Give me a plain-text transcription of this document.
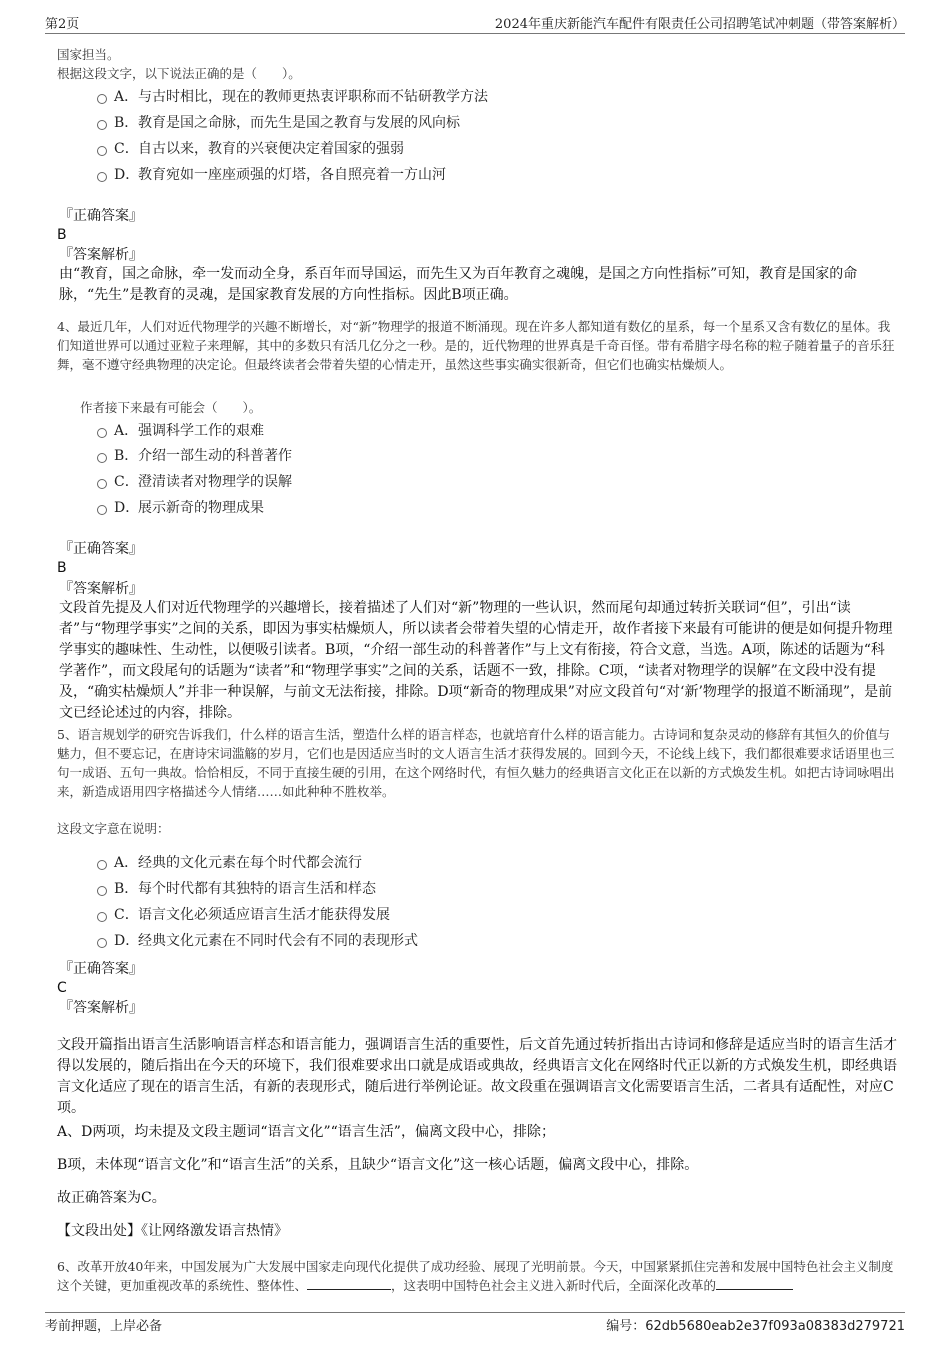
第2页	2024年重庆新能汽车配件有限责任公司招聘笔试冲刺题（带答案解析）

国家担当。

根据这段文字，以下说法正确的是（　　）。

A．与古时相比，现在的教师更热衷评职称而不钻研教学方法
B．教育是国之命脉，而先生是国之教育与发展的风向标
C．自古以来，教育的兴衰便决定着国家的强弱
D．教育宛如一座座顽强的灯塔，各自照亮着一方山河
『正确答案』
B
『答案解析』

由“教育，国之命脉，牵一发而动全身，系百年而导国运，而先生又为百年教育之魂魄，是国之方向性指标”可知，教育是国家的命脉，“先生”是教育的灵魂，是国家教育发展的方向性指标。因此B项正确。

4、最近几年，人们对近代物理学的兴趣不断增长，对“新”物理学的报道不断涌现。现在许多人都知道有数亿的星系，每一个星系又含有数亿的星体。我们知道世界可以通过亚粒子来理解，其中的多数只有活几亿分之一秒。是的，近代物理的世界真是千奇百怪。带有希腊字母名称的粒子随着量子的音乐狂舞，毫不遵守经典物理的决定论。但最终读者会带着失望的心情走开，虽然这些事实确实很新奇，但它们也确实枯燥烦人。

作者接下来最有可能会（　　）。

A．强调科学工作的艰难
B．介绍一部生动的科普著作
C．澄清读者对物理学的误解
D．展示新奇的物理成果
『正确答案』
B
『答案解析』

文段首先提及人们对近代物理学的兴趣增长，接着描述了人们对“新”物理的一些认识，然而尾句却通过转折关联词“但”，引出“读者”与“物理学事实”之间的关系，即因为事实枯燥烦人，所以读者会带着失望的心情走开，故作者接下来最有可能讲的便是如何提升物理学事实的趣味性、生动性，以便吸引读者。B项，“介绍一部生动的科普著作”与上文有衔接，符合文意，当选。A项，陈述的话题为“科学著作”，而文段尾句的话题为“读者”和“物理学事实”之间的关系，话题不一致，排除。C项，“读者对物理学的误解”在文段中没有提及，“确实枯燥烦人”并非一种误解，与前文无法衔接，排除。D项“新奇的物理成果”对应文段首句“对‘新’物理学的报道不断涌现”，是前文已经论述过的内容，排除。

5、语言规划学的研究告诉我们，什么样的语言生活，塑造什么样的语言样态，也就培育什么样的语言能力。古诗词和复杂灵动的修辞有其恒久的价值与魅力，但不要忘记，在唐诗宋词滥觞的岁月，它们也是因适应当时的文人语言生活才获得发展的。回到今天，不论线上线下，我们都很难要求话语里也三句一成语、五句一典故。恰恰相反，不同于直接生硬的引用，在这个网络时代，有恒久魅力的经典语言文化正在以新的方式焕发生机。如把古诗词咏唱出来，新造成语用四字格描述今人情绪……如此种种不胜枚举。

这段文字意在说明：

A．经典的文化元素在每个时代都会流行
B．每个时代都有其独特的语言生活和样态
C．语言文化必须适应语言生活才能获得发展
D．经典文化元素在不同时代会有不同的表现形式
『正确答案』
C
『答案解析』

文段开篇指出语言生活影响语言样态和语言能力，强调语言生活的重要性，后文首先通过转折指出古诗词和修辞是适应当时的语言生活才得以发展的，随后指出在今天的环境下，我们很难要求出口就是成语或典故，经典语言文化在网络时代正以新的方式焕发生机，即经典语言文化适应了现在的语言生活，有新的表现形式，随后进行举例论证。故文段重在强调语言文化需要语言生活，二者具有适配性，对应C项。

A、D两项，均未提及文段主题词“语言文化”“语言生活”，偏离文段中心，排除；

B项，未体现“语言文化”和“语言生活”的关系，且缺少“语言文化”这一核心话题，偏离文段中心，排除。

故正确答案为C。

【文段出处】《让网络激发语言热情》

6、改革开放40年来，中国发展为广大发展中国家走向现代化提供了成功经验、展现了光明前景。今天，中国紧紧抓住完善和发展中国特色社会主义制度这个关键，更加重视改革的系统性、整体性、	，这表明中国特色社会主义进入新时代后，全面深化改革的

考前押题，上岸必备	编号：62db5680eab2e37f093a08383d279721
